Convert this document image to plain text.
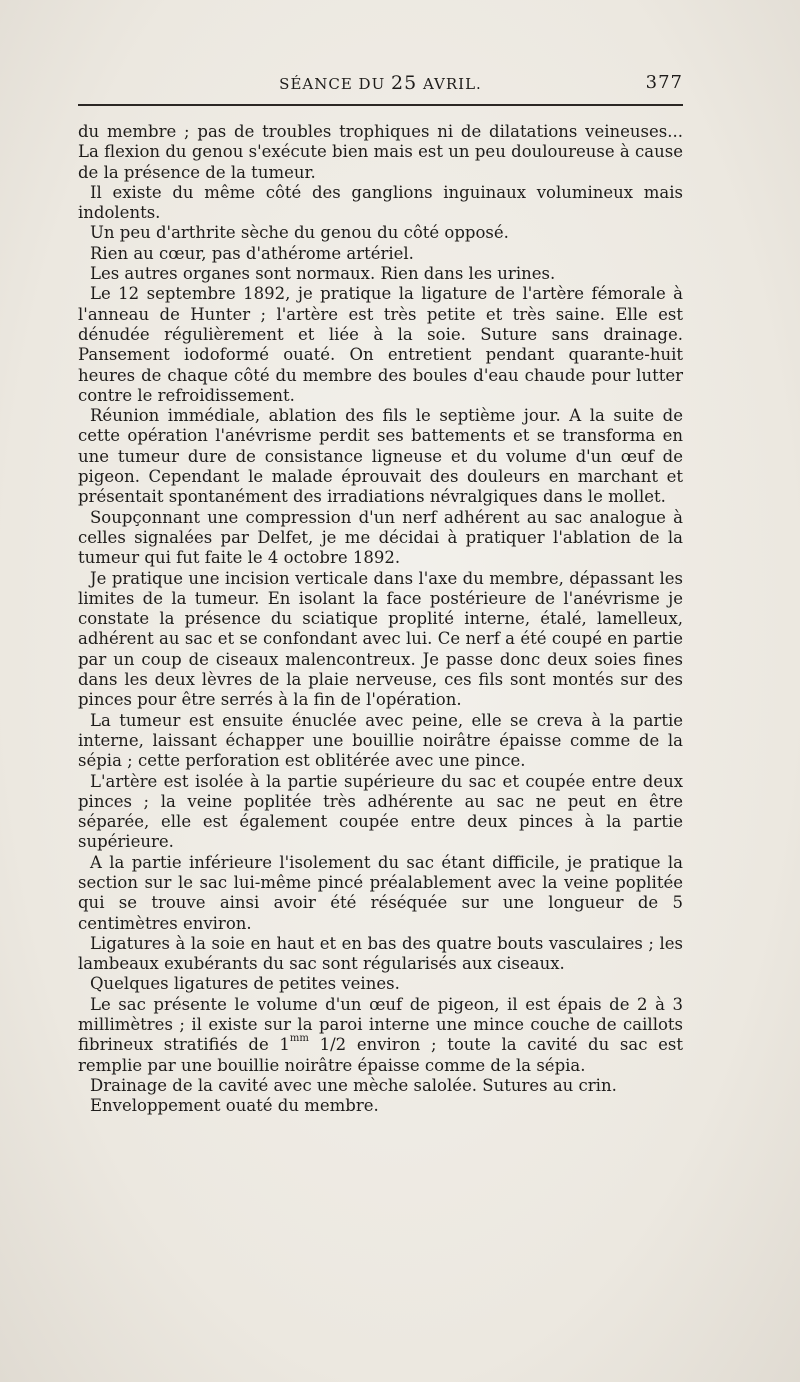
SÉANCE DU 25 AVRIL.	377

du membre ; pas de troubles trophiques ni de dilatations veineuses... La flexion du genou s'exécute bien mais est un peu douloureuse à cause de la présence de la tumeur.

Il existe du même côté des ganglions inguinaux volumineux mais indolents.

Un peu d'arthrite sèche du genou du côté opposé.

Rien au cœur, pas d'athérome artériel.

Les autres organes sont normaux. Rien dans les urines.

Le 12 septembre 1892, je pratique la ligature de l'artère fémorale à l'anneau de Hunter ; l'artère est très petite et très saine. Elle est dénudée régulièrement et liée à la soie. Suture sans drainage. Pansement iodoformé ouaté. On entretient pendant quarante-huit heures de chaque côté du membre des boules d'eau chaude pour lutter contre le refroidissement.

Réunion immédiale, ablation des fils le septième jour. A la suite de cette opération l'anévrisme perdit ses battements et se transforma en une tumeur dure de consistance ligneuse et du volume d'un œuf de pigeon. Cependant le malade éprouvait des douleurs en marchant et présentait spontanément des irradiations névralgiques dans le mollet.

Soupçonnant une compression d'un nerf adhérent au sac analogue à celles signalées par Delfet, je me décidai à pratiquer l'ablation de la tumeur qui fut faite le 4 octobre 1892.

Je pratique une incision verticale dans l'axe du membre, dépassant les limites de la tumeur. En isolant la face postérieure de l'anévrisme je constate la présence du sciatique proplité interne, étalé, lamelleux, adhérent au sac et se confondant avec lui. Ce nerf a été coupé en partie par un coup de ciseaux malencontreux. Je passe donc deux soies fines dans les deux lèvres de la plaie nerveuse, ces fils sont montés sur des pinces pour être serrés à la fin de l'opération.

La tumeur est ensuite énuclée avec peine, elle se creva à la partie interne, laissant échapper une bouillie noirâtre épaisse comme de la sépia ; cette perforation est oblitérée avec une pince.

L'artère est isolée à la partie supérieure du sac et coupée entre deux pinces ; la veine poplitée très adhérente au sac ne peut en être séparée, elle est également coupée entre deux pinces à la partie supérieure.

A la partie inférieure l'isolement du sac étant difficile, je pratique la section sur le sac lui-même pincé préalablement avec la veine poplitée qui se trouve ainsi avoir été réséquée sur une longueur de 5 centimètres environ.

Ligatures à la soie en haut et en bas des quatre bouts vasculaires ; les lambeaux exubérants du sac sont régularisés aux ciseaux.

Quelques ligatures de petites veines.

Le sac présente le volume d'un œuf de pigeon, il est épais de 2 à 3 millimètres ; il existe sur la paroi interne une mince couche de caillots fibrineux stratifiés de $1^{mm}$ 1/2 environ ; toute la cavité du sac est remplie par une bouillie noirâtre épaisse comme de la sépia.

Drainage de la cavité avec une mèche salolée. Sutures au crin.

Enveloppement ouaté du membre.
